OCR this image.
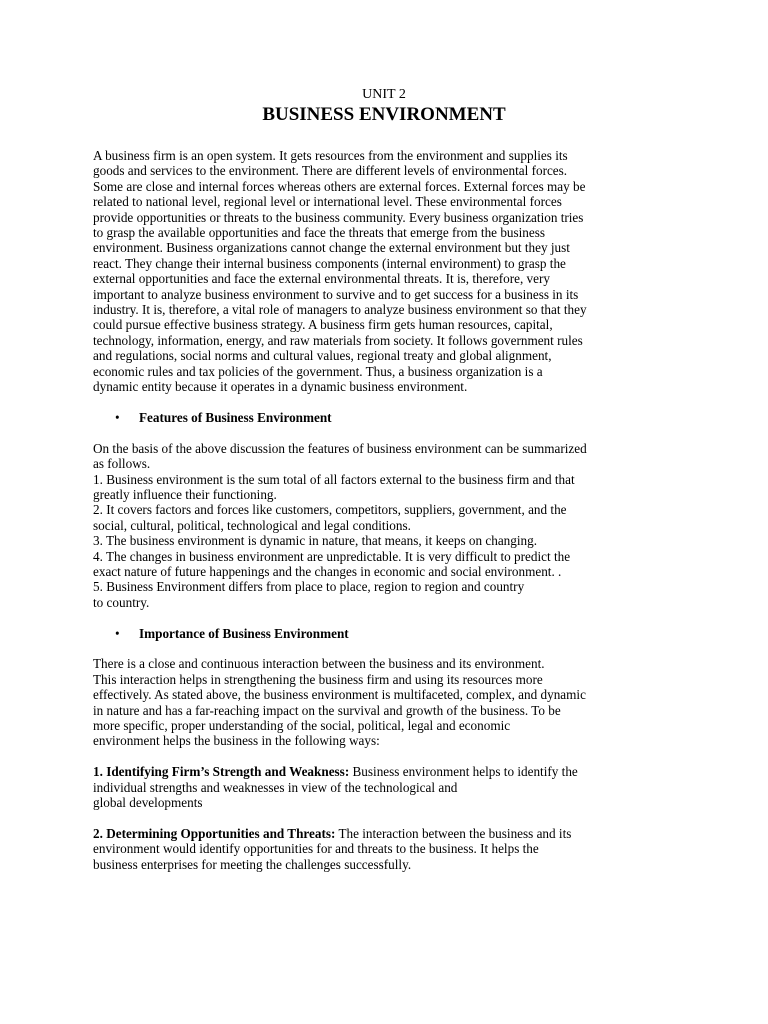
UNIT 2
BUSINESS ENVIRONMENT

A business firm is an open system. It gets resources from the environment and supplies its

goods and services to the environment. There are different levels of environmental forces.

Some are close and internal forces whereas others are external forces. External forces may be

related to national level, regional level or international level. These environmental forces

provide opportunities or threats to the business community. Every business organization tries

to grasp the available opportunities and face the threats that emerge from the business

environment. Business organizations cannot change the external environment but they just

react. They change their internal business components (internal environment) to grasp the

external opportunities and face the external environmental threats. It is, therefore, very

important to analyze business environment to survive and to get success for a business in its

industry. It is, therefore, a vital role of managers to analyze business environment so that they

could pursue effective business strategy. A business firm gets human resources, capital,

technology, information, energy, and raw materials from society. It follows government rules

and regulations, social norms and cultural values, regional treaty and global alignment,

economic rules and tax policies of the government. Thus, a business organization is a

dynamic entity because it operates in a dynamic business environment.

• Features of Business Environment

On the basis of the above discussion the features of business environment can be summarized

as follows.

1. Business environment is the sum total of all factors external to the business firm and that

greatly influence their functioning.

2. It covers factors and forces like customers, competitors, suppliers, government, and the

social, cultural, political, technological and legal conditions.

3. The business environment is dynamic in nature, that means, it keeps on changing.

4. The changes in business environment are unpredictable. It is very difficult to predict the

exact nature of future happenings and the changes in economic and social environment. .

5. Business Environment differs from place to place, region to region and country

to country.

• Importance of Business Environment

There is a close and continuous interaction between the business and its environment.

This interaction helps in strengthening the business firm and using its resources more

effectively. As stated above, the business environment is multifaceted, complex, and dynamic

in nature and has a far-reaching impact on the survival and growth of the business. To be

more specific, proper understanding of the social, political, legal and economic

environment helps the business in the following ways:

1. Identifying Firm’s Strength and Weakness: Business environment helps to identify the

individual strengths and weaknesses in view of the technological and

global developments

2. Determining Opportunities and Threats: The interaction between the business and its

environment would identify opportunities for and threats to the business. It helps the

business enterprises for meeting the challenges successfully.
